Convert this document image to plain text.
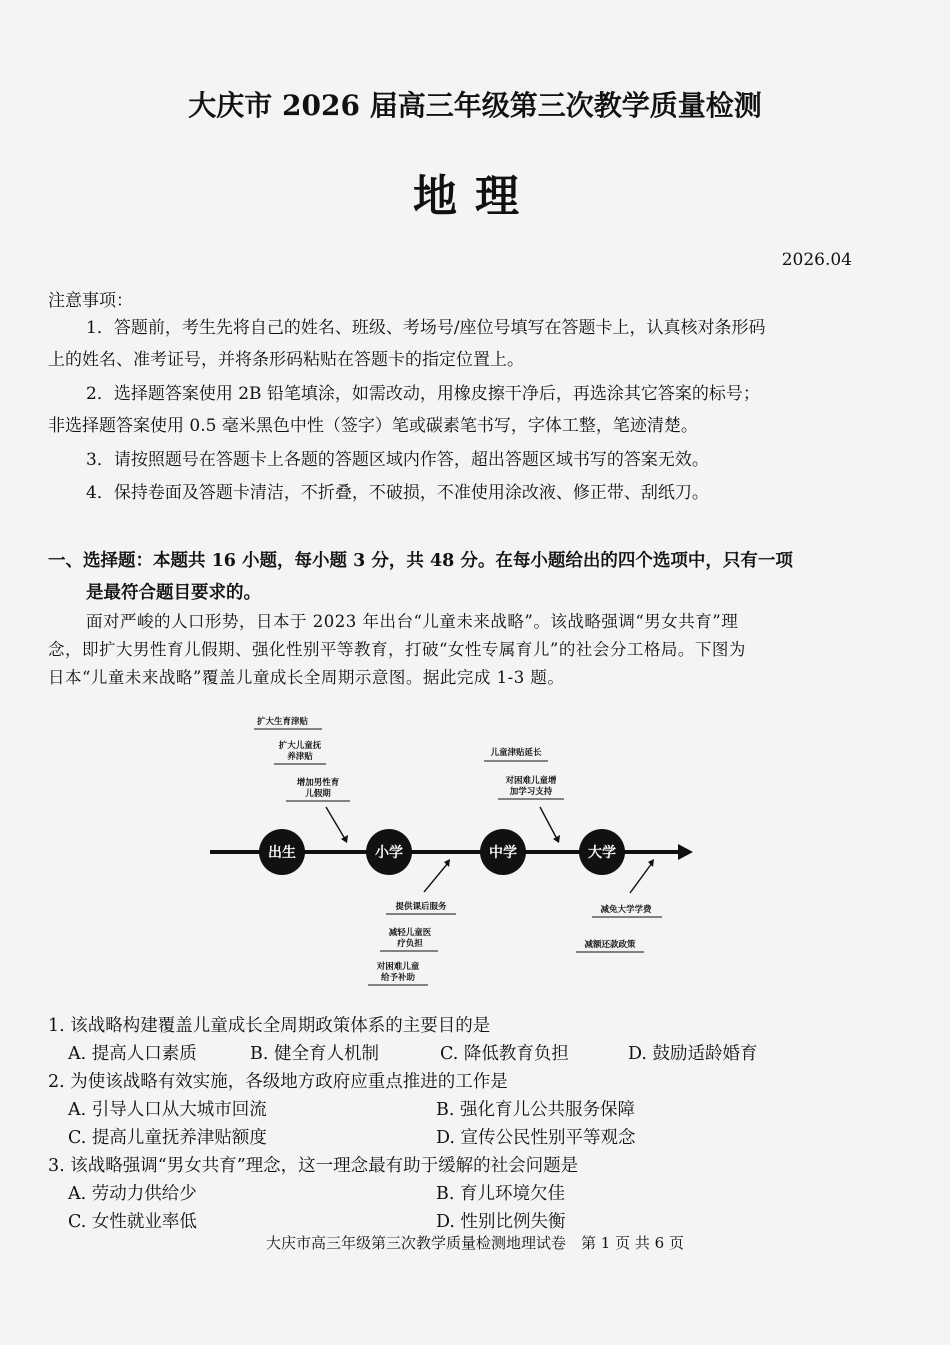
大庆市 2026 届高三年级第三次教学质量检测
地理
2026.04
注意事项：
1．答题前，考生先将自己的姓名、班级、考场号/座位号填写在答题卡上，认真核对条形码
上的姓名、准考证号，并将条形码粘贴在答题卡的指定位置上。
2．选择题答案使用 2B 铅笔填涂，如需改动，用橡皮擦干净后，再选涂其它答案的标号；
非选择题答案使用 0.5 毫米黑色中性（签字）笔或碳素笔书写，字体工整，笔迹清楚。
3．请按照题号在答题卡上各题的答题区域内作答，超出答题区域书写的答案无效。
4．保持卷面及答题卡清洁，不折叠，不破损，不准使用涂改液、修正带、刮纸刀。
一、选择题：本题共 16 小题，每小题 3 分，共 48 分。在每小题给出的四个选项中，只有一项
是最符合题目要求的。
面对严峻的人口形势，日本于 2023 年出台“儿童未来战略”。该战略强调“男女共育”理
念，即扩大男性育儿假期、强化性别平等教育，打破“女性专属育儿”的社会分工格局。下图为
日本“儿童未来战略”覆盖儿童成长全周期示意图。据此完成 1-3 题。
出生	小学	中学	大学
扩大生育津贴
扩大儿童抚
养津贴
增加男性育
儿假期
儿童津贴延长
对困难儿童增
加学习支持
提供课后服务
减轻儿童医
疗负担
对困难儿童
给予补助
减免大学学费
减额还款政策
1. 该战略构建覆盖儿童成长全周期政策体系的主要目的是
A. 提高人口素质	B. 健全育人机制	C. 降低教育负担	D. 鼓励适龄婚育
2. 为使该战略有效实施，各级地方政府应重点推进的工作是
A. 引导人口从大城市回流	B. 强化育儿公共服务保障
C. 提高儿童抚养津贴额度	D. 宣传公民性别平等观念
3. 该战略强调“男女共育”理念，这一理念最有助于缓解的社会问题是
A. 劳动力供给少	B. 育儿环境欠佳
C. 女性就业率低	D. 性别比例失衡
大庆市高三年级第三次教学质量检测地理试卷　第 1 页 共 6 页
